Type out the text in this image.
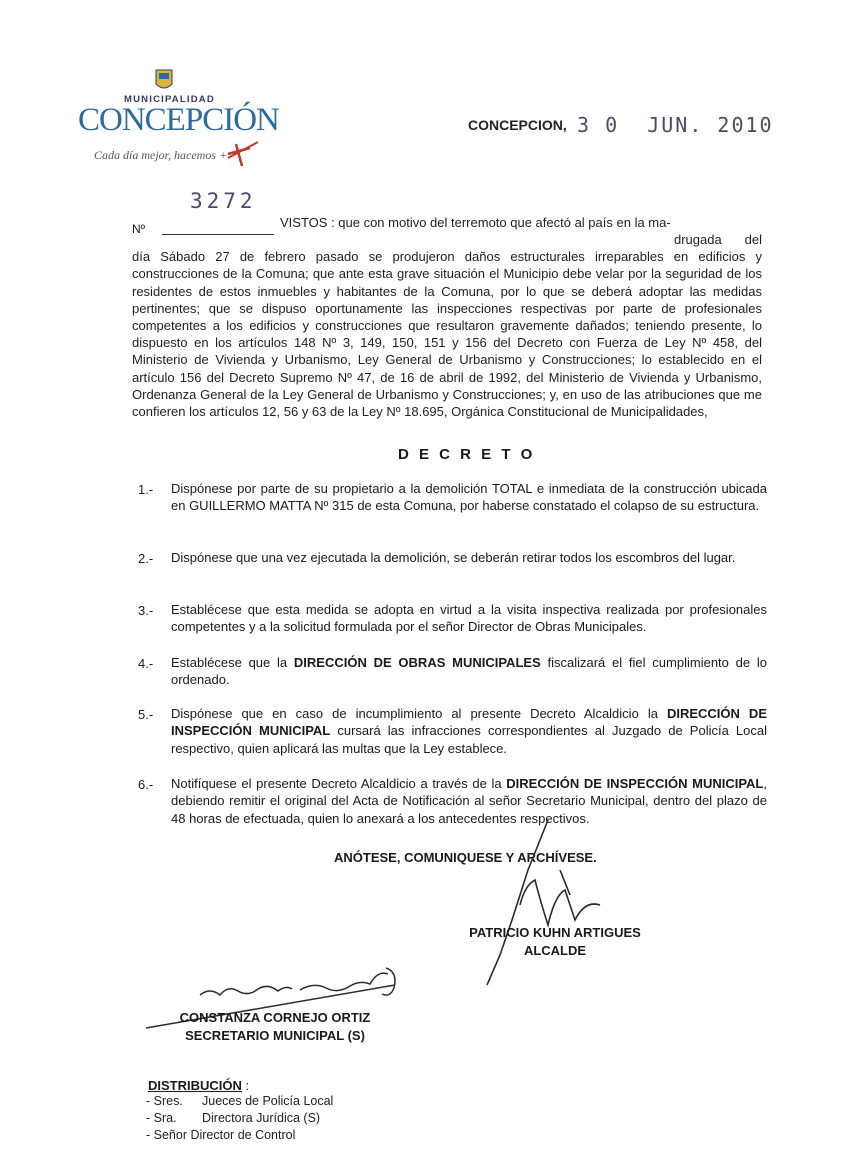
MUNICIPALIDAD
CONCEPCIÓN
Cada día mejor, hacemos +
CONCEPCION, 3 0  JUN. 2010
3272
Nº	VISTOS : que con motivo del terremoto que afectó al país en la ma-
drugada del día Sábado 27 de febrero pasado se produjeron daños estructurales irreparables en edificios y construcciones de la Comuna; que ante esta grave situación el Municipio debe velar por la seguridad de los residentes de estos inmuebles y habitantes de la Comuna, por lo que se deberá adoptar las medidas pertinentes; que se dispuso oportunamente las inspecciones respectivas por parte de profesionales competentes a los edificios y construcciones que resultaron gravemente dañados; teniendo presente, lo dispuesto en los artículos 148 Nº 3, 149, 150, 151 y 156 del Decreto con Fuerza de Ley Nº 458, del Ministerio de Vivienda y Urbanismo, Ley General de Urbanismo y Construcciones; lo establecido en el artículo 156 del Decreto Supremo Nº 47, de 16 de abril de 1992, del Ministerio de Vivienda y Urbanismo, Ordenanza General de la Ley General de Urbanismo y Construcciones; y, en uso de las atribuciones que me confieren los artículos 12, 56 y 63 de la Ley Nº 18.695, Orgánica Constitucional de Municipalidades,
D E C R E T O
1.- Dispónese por parte de su propietario a la demolición TOTAL e inmediata de la construcción ubicada en GUILLERMO MATTA Nº 315 de esta Comuna, por haberse constatado el colapso de su estructura.
2.- Dispónese que una vez ejecutada la demolición, se deberán retirar todos los escombros del lugar.
3.- Establécese que esta medida se adopta en virtud a la visita inspectiva realizada por profesionales competentes y a la solicitud formulada por el señor Director de Obras Municipales.
4.- Establécese que la DIRECCIÓN DE OBRAS MUNICIPALES fiscalizará el fiel cumplimiento de lo ordenado.
5.- Dispónese que en caso de incumplimiento al presente Decreto Alcaldicio la DIRECCIÓN DE INSPECCIÓN MUNICIPAL cursará las infracciones correspondientes al Juzgado de Policía Local respectivo, quien aplicará las multas que la Ley establece.
6.- Notifíquese el presente Decreto Alcaldicio a través de la DIRECCIÓN DE INSPECCIÓN MUNICIPAL, debiendo remitir el original del Acta de Notificación al señor Secretario Municipal, dentro del plazo de 48 horas de efectuada, quien lo anexará a los antecedentes respectivos.
ANÓTESE, COMUNIQUESE Y ARCHÍVESE.
PATRICIO KUHN ARTIGUES
ALCALDE
CONSTANZA CORNEJO ORTIZ
SECRETARIO MUNICIPAL (S)
DISTRIBUCIÓN :
- Sres. Jueces de Policía Local
- Sra. Directora Jurídica (S)
- Señor Director de Control
